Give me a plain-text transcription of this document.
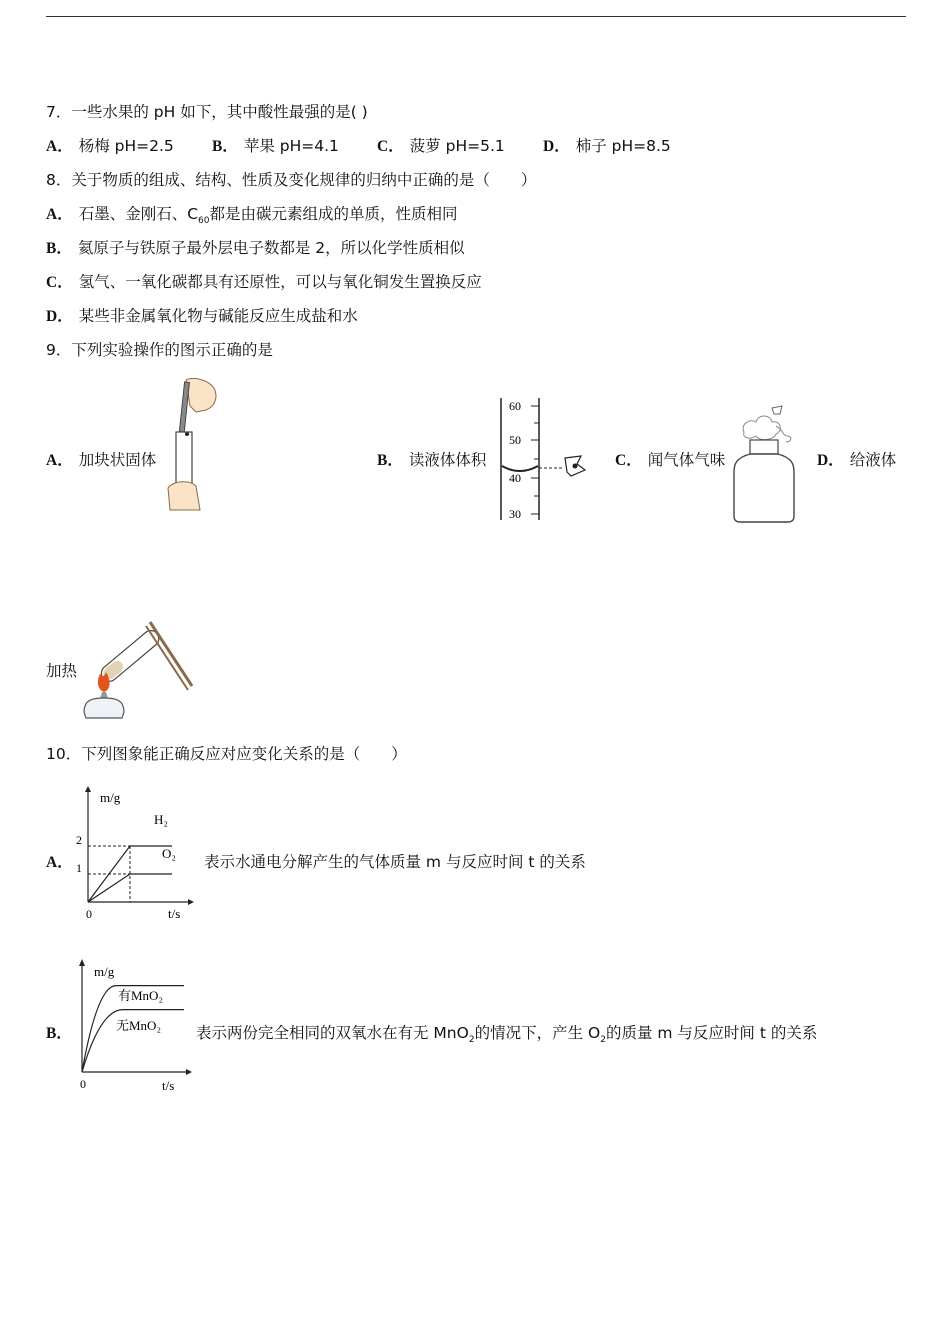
7．一些水果的 pH 如下，其中酸性最强的是( )
A． 杨梅 pH=2.5 B． 苹果 pH=4.1 C． 菠萝 pH=5.1 D． 柿子 pH=8.5
8．关于物质的组成、结构、性质及变化规律的归纳中正确的是（　　）
A． 石墨、金刚石、$C_{60}$都是由碳元素组成的单质，性质相同
B． 氦原子与铁原子最外层电子数都是 2，所以化学性质相似
C． 氢气、一氧化碳都具有还原性，可以与氧化铜发生置换反应
D． 某些非金属氧化物与碱能反应生成盐和水
9．下列实验操作的图示正确的是
A． 加块状固体	B． 读液体体积
60
50
40
30
C． 闻气体气味	D． 给液体
加热
10．下列图象能正确反应对应变化关系的是（　　）
A．
m/g
t/s
0
2
1
H₂
O₂ 表示水通电分解产生的气体质量 m 与反应时间 t 的关系
B．
m/g
t/s
0
有MnO₂
无MnO₂ 表示两份完全相同的双氧水在有无 MnO$_2$的情况下，产生 $O_2$的质量 m 与反应时间 t 的关系
